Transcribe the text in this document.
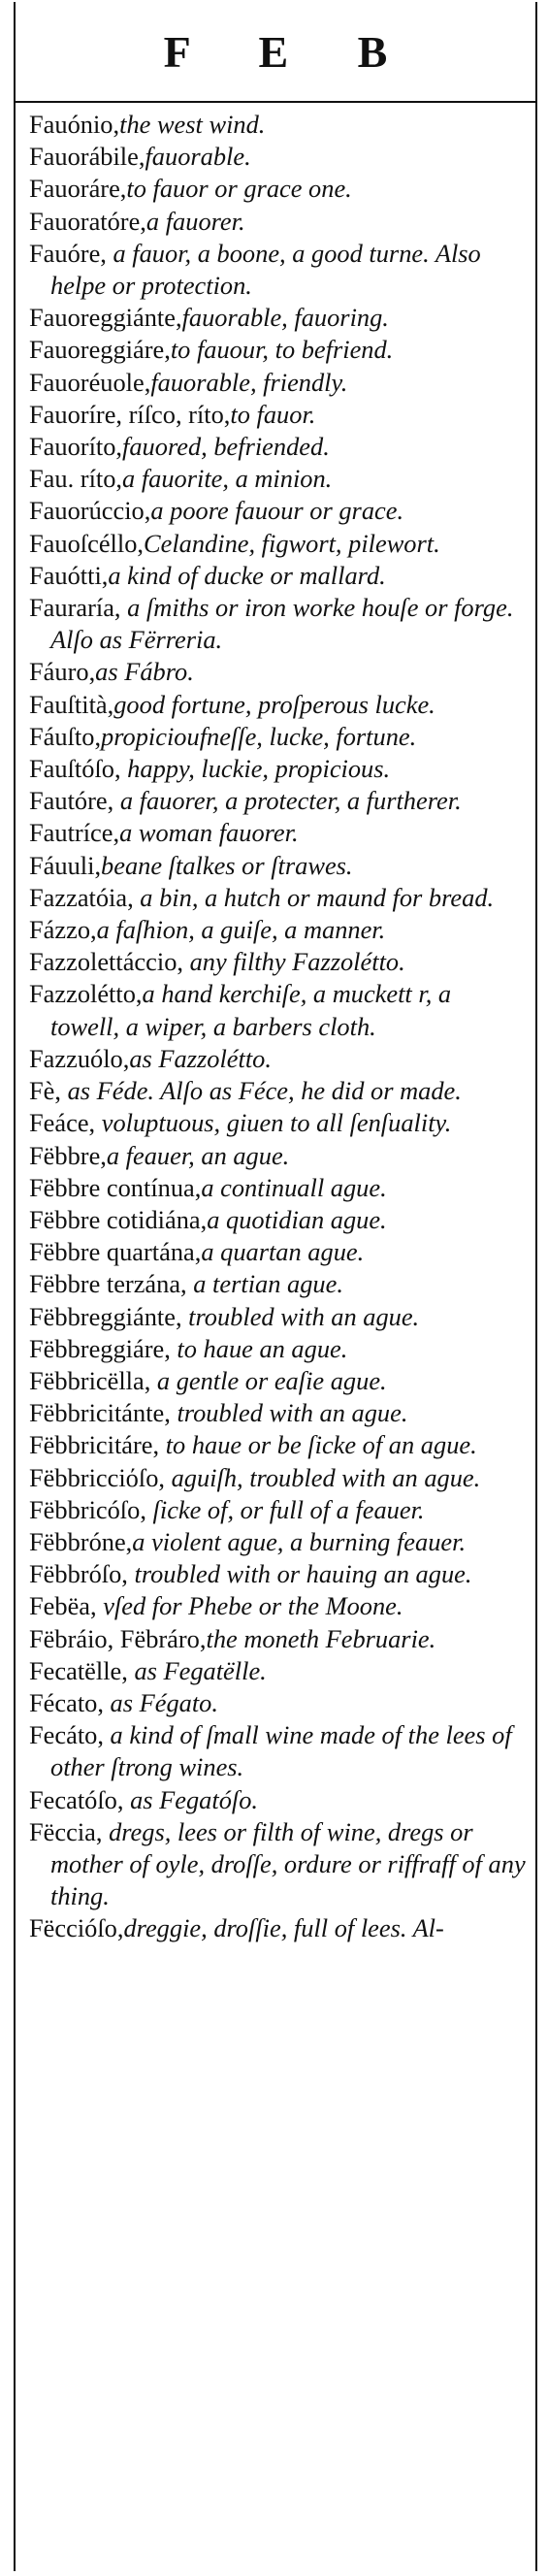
F E B
Fauónio,the west wind.
Fauorábile,fauorable.
Fauoráre,to fauor or grace one.
Fauoratóre,a fauorer.
Fauóre, a fauor, a boone, a good turne. Also helpe or protection.
Fauoreggiánte,fauorable, fauoring.
Fauoreggiáre,to fauour, to befriend.
Fauoréuole,fauorable, friendly.
Fauoríre, ríſco, ríto,to fauor.
Fauoríto,fauored, befriended.
Fau. ríto,a fauorite, a minion.
Fauorúccio,a poore fauour or grace.
Fauoſcéllo,Celandine, figwort, pilewort.
Fauótti,a kind of ducke or mallard.
Fauraría, a ſmiths or iron worke houſe or forge. Alſo as Fërreria.
Fáuro,as Fábro.
Fauſtità,good fortune, proſperous lucke.
Fáuſto,propicioufneſſe, lucke, fortune.
Fauſtóſo, happy, luckie, propicious.
Fautóre, a fauorer, a protecter, a furtherer.
Fautríce,a woman fauorer.
Fáuuli,beane ſtalkes or ſtrawes.
Fazzatóia, a bin, a hutch or maund for bread.
Fázzo,a faſhion, a guiſe, a manner.
Fazzolettáccio, any filthy Fazzolétto.
Fazzolétto,a hand kerchiſe, a muckett r, a towell, a wiper, a barbers cloth.
Fazzuólo,as Fazzolétto.
Fè, as Féde. Alſo as Féce, he did or made.
Feáce, voluptuous, giuen to all ſenſuality.
Fëbbre,a feauer, an ague.
Fëbbre contínua,a continuall ague.
Fëbbre cotidiána,a quotidian ague.
Fëbbre quartána,a quartan ague.
Fëbbre terzána, a tertian ague.
Fëbbreggiánte, troubled with an ague.
Fëbbreggiáre, to haue an ague.
Fëbbricëlla, a gentle or eaſie ague.
Fëbbricitánte, troubled with an ague.
Fëbbricitáre, to haue or be ſicke of an ague.
Fëbbricciόſo, aguiſh, troubled with an ague.
Fëbbricóſo, ſicke of, or full of a feauer.
Fëbbróne,a violent ague, a burning feauer.
Fëbbróſo, troubled with or hauing an ague.
Febëa, vſed for Phebe or the Moone.
Fëbráio, Fëbráro,the moneth Februarie.
Fecatëlle, as Fegatëlle.
Fécato, as Fégato.
Fecáto, a kind of ſmall wine made of the lees of other ſtrong wines.
Fecatóſo, as Fegatóſo.
Fëccia, dregs, lees or filth of wine, dregs or mother of oyle, droſſe, ordure or riffraff of any thing.
Fëccióſo,dreggie, droſſie, full of lees. Al-
